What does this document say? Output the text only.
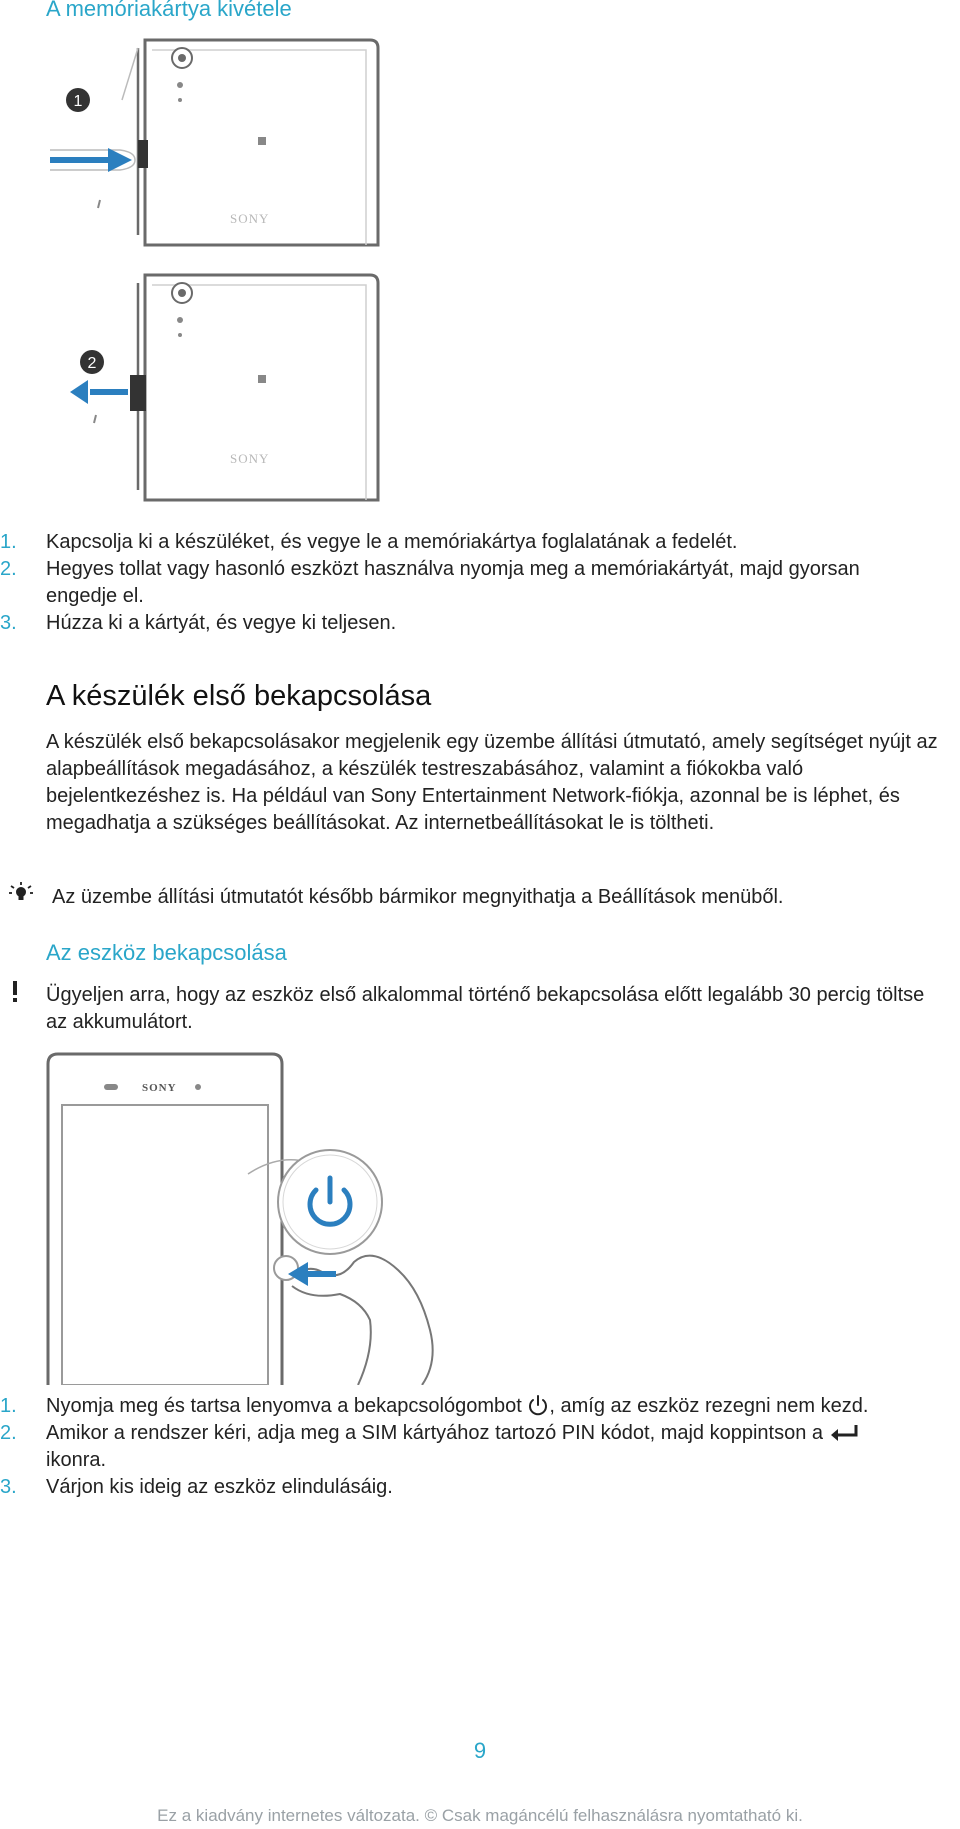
A memóriakártya kivétele
1
SONY
2
SONY
1. Kapcsolja ki a készüléket, és vegye le a memóriakártya foglalatának a fedelét.
2. Hegyes tollat vagy hasonló eszközt használva nyomja meg a memóriakártyát, majd gyorsan engedje el.
3. Húzza ki a kártyát, és vegye ki teljesen.
A készülék első bekapcsolása
A készülék első bekapcsolásakor megjelenik egy üzembe állítási útmutató, amely segítséget nyújt az alapbeállítások megadásához, a készülék testreszabásához, valamint a fiókokba való bejelentkezéshez is. Ha például van Sony Entertainment Network-fiókja, azonnal be is léphet, és megadhatja a szükséges beállításokat. Az internetbeállításokat le is töltheti.
Az üzembe állítási útmutatót később bármikor megnyithatja a Beállítások menüből.
Az eszköz bekapcsolása
Ügyeljen arra, hogy az eszköz első alkalommal történő bekapcsolása előtt legalább 30 percig töltse az akkumulátort.
SONY
1. Nyomja meg és tartsa lenyomva a bekapcsológombot , amíg az eszköz rezegni nem kezd.
2. Amikor a rendszer kéri, adja meg a SIM kártyához tartozó PIN kódot, majd koppintson a  ikonra.
3. Várjon kis ideig az eszköz elindulásáig.
9
Ez a kiadvány internetes változata. © Csak magáncélú felhasználásra nyomtatható ki.
